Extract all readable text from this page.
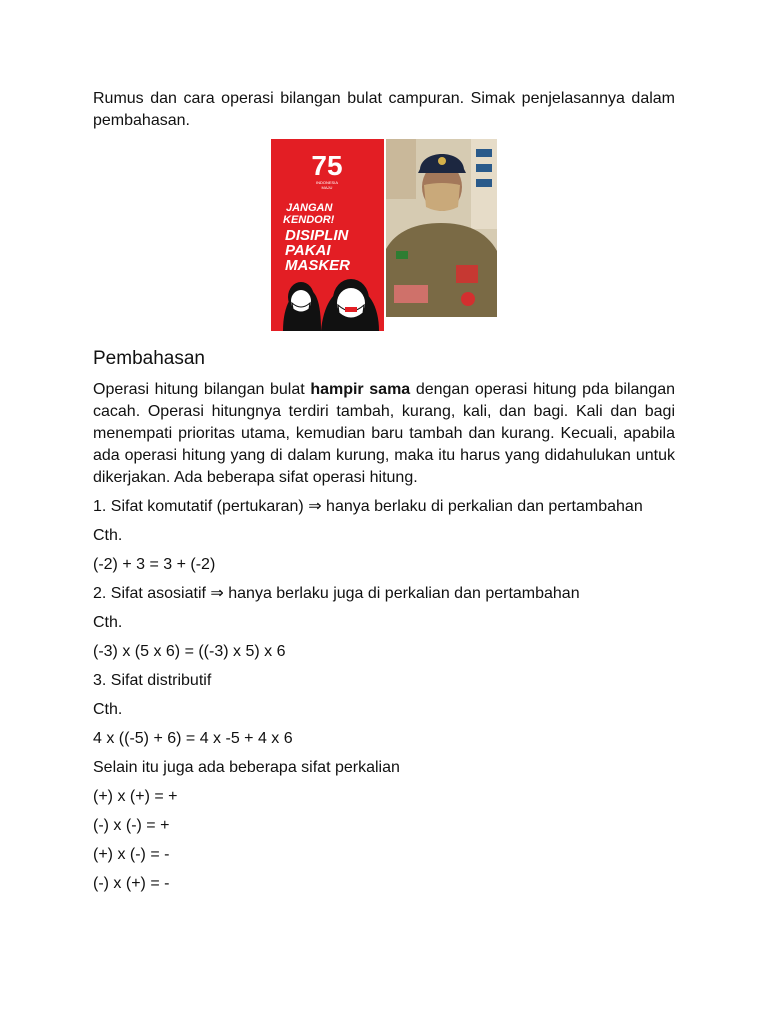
Rumus dan cara operasi bilangan bulat campuran. Simak penjelasannya dalam pembahasan.

75
INDONESIA
MAJU
JANGAN
KENDOR!
DISIPLIN
PAKAI
MASKER
Pembahasan

Operasi hitung bilangan bulat hampir sama dengan operasi hitung pda bilangan cacah. Operasi hitungnya terdiri tambah, kurang, kali, dan bagi. Kali dan bagi menempati prioritas utama, kemudian baru tambah dan kurang. Kecuali, apabila ada operasi hitung yang di dalam kurung, maka itu harus yang didahulukan untuk dikerjakan. Ada beberapa sifat operasi hitung.

1. Sifat komutatif (pertukaran) ⇒ hanya berlaku di perkalian dan pertambahan

Cth.

(-2) + 3 = 3 + (-2)

2. Sifat asosiatif ⇒ hanya berlaku juga di perkalian dan pertambahan

Cth.

(-3) x (5 x 6) = ((-3) x 5) x 6

3. Sifat distributif

Cth.

4 x ((-5) + 6) = 4 x -5 + 4 x 6

Selain itu juga ada beberapa sifat perkalian

(+) x (+) = +

(-) x (-) = +

(+) x (-) = -

(-) x (+) = -
